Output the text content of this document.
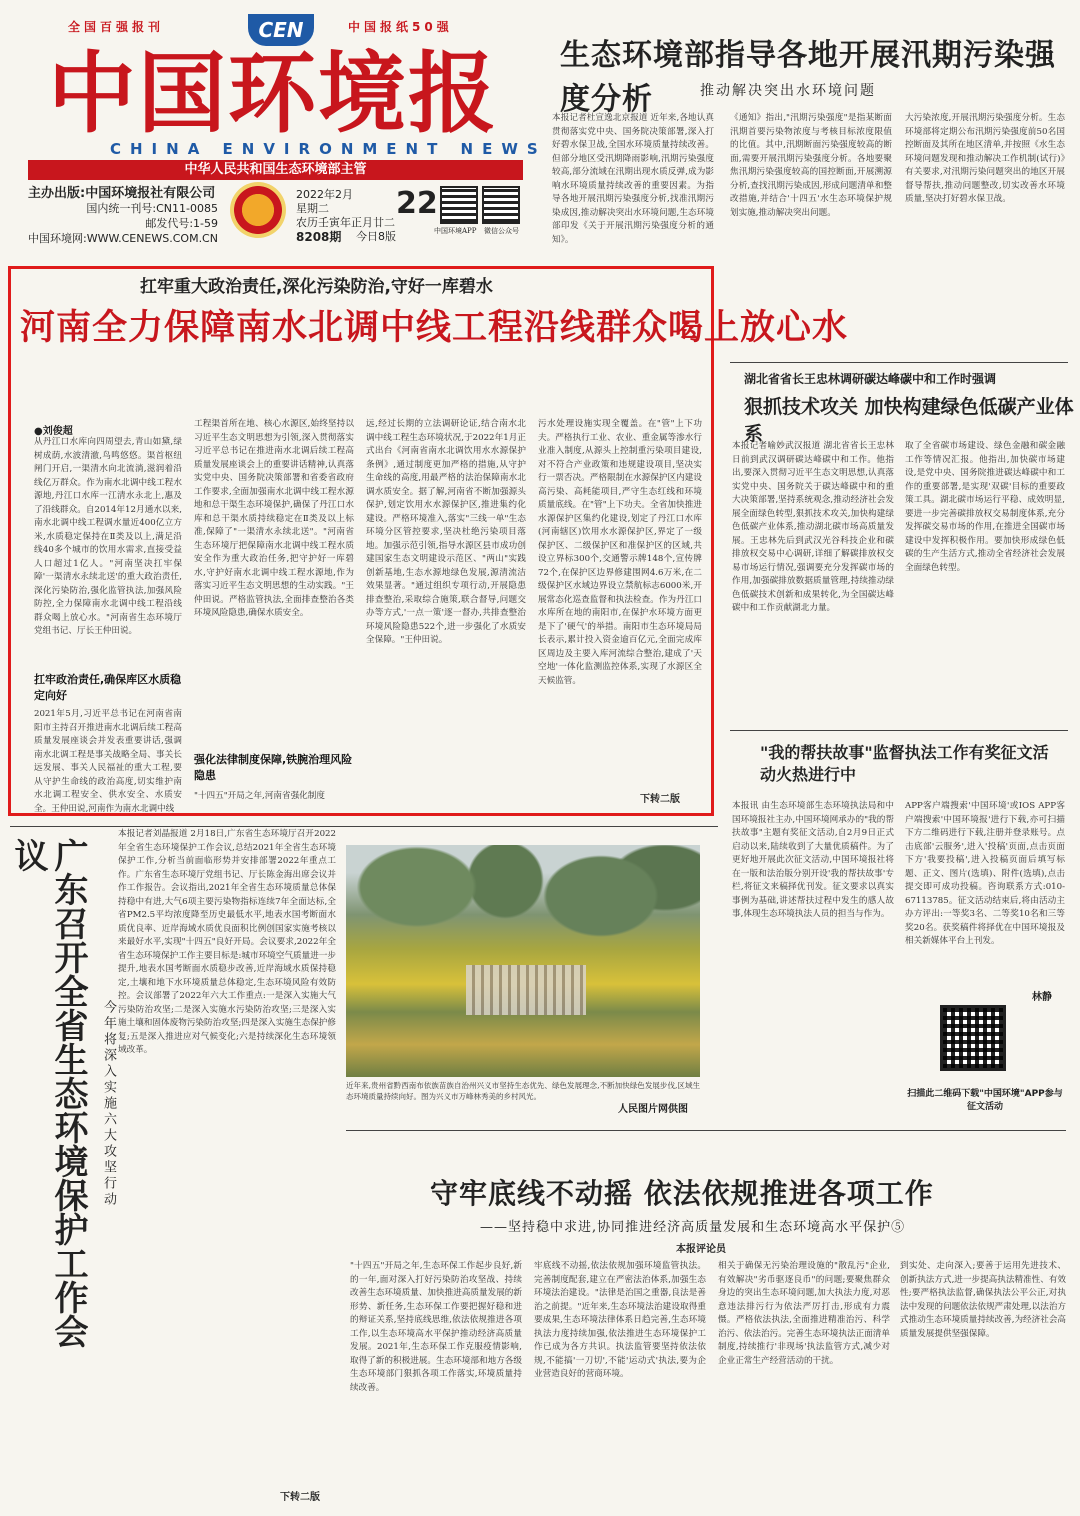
全国百强报刊	CEN	中国报纸50强
中国环境报
CHINA ENVIRONMENT NEWS
中华人民共和国生态环境部主管
主办出版:中国环境报社有限公司
国内统一刊号:CN11-0085
邮发代号:1-59
中国环境网:WWW.CENEWS.COM.CN
2022年2月 22
星期二
农历壬寅年正月廿二
8208期 今日8版	中国环境APP 微信公众号
生态环境部指导各地开展汛期污染强度分析	推动解决突出水环境问题
本报记者杜宣逸北京报道 近年来,各地认真贯彻落实党中央、国务院决策部署,深入打好碧水保卫战,全国水环境质量持续改善。但部分地区受汛期降雨影响,汛期污染强度较高,部分流域在汛期出现水质反弹,成为影响水环境质量持续改善的重要因素。为指导各地开展汛期污染强度分析,找准汛期污染成因,推动解决突出水环境问题,生态环境部印发《关于开展汛期污染强度分析的通知》。
《通知》指出,"汛期污染强度"是指某断面汛期首要污染物浓度与考核目标浓度限值的比值。其中,汛期断面污染强度较高的断面,需要开展汛期污染强度分析。各地要聚焦汛期污染强度较高的国控断面,开展溯源分析,查找汛期污染成因,形成问题清单和整改措施,并结合'十四五'水生态环境保护规划实施,推动解决突出问题。
大污染浓度,开展汛期污染强度分析。生态环境部将定期公布汛期污染强度前50名国控断面及其所在地区清单,并按照《水生态环境问题发现和推动解决工作机制(试行)》有关要求,对汛期污染问题突出的地区开展督导帮扶,推动问题整改,切实改善水环境质量,坚决打好碧水保卫战。
扛牢重大政治责任,深化污染防治,守好一库碧水
河南全力保障南水北调中线工程沿线群众喝上放心水
●刘俊超
从丹江口水库向四周望去,青山如黛,绿树成荫,水波清澈,鸟鸣悠悠。渠首枢纽闸门开启,一渠清水向北流淌,滋润着沿线亿万群众。作为南水北调中线工程水源地,丹江口水库一江清水永北上,惠及了沿线群众。自2014年12月通水以来,南水北调中线工程调水量近400亿立方米,水质稳定保持在Ⅱ类及以上,满足沿线40多个城市的饮用水需求,直接受益人口超过1亿人。"河南坚决扛牢保障'一渠清水永续北送'的重大政治责任,深化污染防治,强化监管执法,加强风险防控,全力保障南水北调中线工程沿线群众喝上放心水。"河南省生态环境厅党组书记、厅长王仲田说。
扛牢政治责任,确保库区水质稳定向好
2021年5月,习近平总书记在河南省南阳市主持召开推进南水北调后续工程高质量发展座谈会并发表重要讲话,强调南水北调工程是事关战略全局、事关长远发展、事关人民福祉的重大工程,要从守护生命线的政治高度,切实维护南水北调工程安全、供水安全、水质安全。王仲田说,河南作为南水北调中线
工程渠首所在地、核心水源区,始终坚持以习近平生态文明思想为引领,深入贯彻落实习近平总书记在推进南水北调后续工程高质量发展座谈会上的重要讲话精神,认真落实党中央、国务院决策部署和省委省政府工作要求,全面加强南水北调中线工程水源地和总干渠生态环境保护,确保了丹江口水库和总干渠水质持续稳定在Ⅱ类及以上标准,保障了"一渠清水永续北送"。"河南省生态环境厅把保障南水北调中线工程水质安全作为重大政治任务,把守护好一库碧水,守护好南水北调中线工程水源地,作为落实习近平生态文明思想的生动实践。"王仲田说。严格监管执法,全面排查整治各类环境风险隐患,确保水质安全。
强化法律制度保障,铁腕治理风险隐患
"十四五"开局之年,河南省强化制度
远,经过长期的立法调研论证,结合南水北调中线工程生态环境状况,于2022年1月正式出台《河南省南水北调饮用水水源保护条例》,通过制度更加严格的措施,从守护生命线的高度,用最严格的法治保障南水北调水质安全。据了解,河南省不断加强源头保护,划定饮用水水源保护区,推进集约化建设。严格环境准入,落实"三线一单"生态环境分区管控要求,坚决杜绝污染项目落地。加强示范引领,指导水源区县市成功创建国家生态文明建设示范区、"两山"实践创新基地,生态水源地绿色发展,源清流洁效果显著。"通过组织专项行动,开展隐患排查整治,采取综合施策,联合督导,问题交办等方式,'一点一策'逐一督办,共排查整治环境风险隐患522个,进一步强化了水质安全保障。"王仲田说。
污水处理设施实现全覆盖。在"管"上下功夫。严格执行工业、农业、重金属等渗水行业准入制度,从源头上控制重污染项目建设,对不符合产业政策和违规建设项目,坚决实行一票否决。严格限制在水源保护区内建设高污染、高耗能项目,严守生态红线和环境质量底线。在"管"上下功夫。全省加快推进水源保护区集约化建设,划定了丹江口水库(河南辖区)饮用水水源保护区,界定了一级保护区、二级保护区和准保护区的区域,共设立界标300个,交通警示牌148个,宣传牌72个,在保护区边界修建围网4.6万米,在二级保护区水域边界设立禁航标志6000米,开展常态化巡查监督和执法检查。作为丹江口水库所在地的南阳市,在保护水环境方面更是下了'硬气'的举措。南阳市生态环境局局长表示,累计投入资金逾百亿元,全面完成库区周边及主要入库河流综合整治,建成了'天空地'一体化监测监控体系,实现了水源区全天候监管。
下转二版
湖北省省长王忠林调研碳达峰碳中和工作时强调
狠抓技术攻关 加快构建绿色低碳产业体系
本报记者喻妙武汉报道 湖北省省长王忠林日前到武汉调研碳达峰碳中和工作。他指出,要深入贯彻习近平生态文明思想,认真落实党中央、国务院关于碳达峰碳中和的重大决策部署,坚持系统观念,推动经济社会发展全面绿色转型,狠抓技术攻关,加快构建绿色低碳产业体系,推动湖北碳市场高质量发展。王忠林先后到武汉光谷科技企业和碳排放权交易中心调研,详细了解碳排放权交易市场运行情况,强调要充分发挥碳市场的作用,加强碳排放数据质量管理,持续推动绿色低碳技术创新和成果转化,为全国碳达峰碳中和工作贡献湖北力量。
取了全省碳市场建设、绿色金融和碳金融工作等情况汇报。他指出,加快碳市场建设,是党中央、国务院推进碳达峰碳中和工作的重要部署,是实现'双碳'目标的重要政策工具。湖北碳市场运行平稳、成效明显,要进一步完善碳排放权交易制度体系,充分发挥碳交易市场的作用,在推进全国碳市场建设中发挥积极作用。要加快形成绿色低碳的生产生活方式,推动全省经济社会发展全面绿色转型。
"我的帮扶故事"监督执法工作有奖征文活动火热进行中
本报讯 由生态环境部生态环境执法局和中国环境报社主办,中国环境网承办的"我的帮扶故事"主题有奖征文活动,自2月9日正式启动以来,陆续收到了大量优质稿件。为了更好地开展此次征文活动,中国环境报社将在一版和法治版分别开设'我的帮扶故事'专栏,将征文来稿择优刊发。征文要求以真实事例为基础,讲述帮扶过程中发生的感人故事,体现生态环境执法人员的担当与作为。
APP客户端搜索'中国环境'或IOS APP客户端搜索'中国环境报'进行下载,亦可扫描下方二维码进行下载,注册并登录账号。点击底部'云服务',进入'投稿'页面,点击页面下方'我要投稿',进入投稿页面后填写标题、正文、图片(选填)、附件(选填),点击提交即可成功投稿。咨询联系方式:010-67113785。征文活动结束后,将由活动主办方评出:一等奖3名、二等奖10名和三等奖20名。获奖稿件将择优在中国环境报及相关新媒体平台上刊发。
林静
扫描此二维码下载"中国环境"APP参与征文活动
广东召开全省生态环境保护工作会议
今年将深入实施六大攻坚行动
本报记者刘晶报道 2月18日,广东省生态环境厅召开2022年全省生态环境保护工作会议,总结2021年全省生态环境保护工作,分析当前面临形势并安排部署2022年重点工作。广东省生态环境厅党组书记、厅长陈金海出席会议并作工作报告。会议指出,2021年全省生态环境质量总体保持稳中有进,大气6项主要污染物指标连续7年全面达标,全省PM2.5平均浓度降至历史最低水平,地表水国考断面水质优良率、近岸海域水质优良面积比例创国家实施考核以来最好水平,实现"十四五"良好开局。会议要求,2022年全省生态环境保护工作主要目标是:城市环境空气质量进一步提升,地表水国考断面水质稳步改善,近岸海域水质保持稳定,土壤和地下水环境质量总体稳定,生态环境风险有效防控。会议部署了2022年六大工作重点:一是深入实施大气污染防治攻坚;二是深入实施水污染防治攻坚;三是深入实施土壤和固体废物污染防治攻坚;四是深入实施生态保护修复;五是深入推进应对气候变化;六是持续深化生态环境领域改革。
下转二版
近年来,贵州省黔西南布依族苗族自治州兴义市坚持生态优先、绿色发展理念,不断加快绿色发展步伐,区域生态环境质量持续向好。图为兴义市万峰林秀美的乡村风光。
人民图片网供图
守牢底线不动摇 依法依规推进各项工作
——坚持稳中求进,协同推进经济高质量发展和生态环境高水平保护⑤
本报评论员
"十四五"开局之年,生态环保工作起步良好,新的一年,面对深入打好污染防治攻坚战、持续改善生态环境质量、加快推进高质量发展的新形势、新任务,生态环保工作要把握好稳和进的辩证关系,坚持底线思维,依法依规推进各项工作,以生态环境高水平保护推动经济高质量发展。2021年,生态环保工作克服疫情影响,取得了新的积极进展。生态环境部和地方各级生态环境部门狠抓各项工作落实,环境质量持续改善。
牢底线不动摇,依法依规加强环境监管执法。完善制度配套,建立在严密法治体系,加强生态环境法治建设。"法律是治国之重器,良法是善治之前提。"近年来,生态环境法治建设取得重要成果,生态环境法律体系日趋完善,生态环境执法力度持续加强,依法推进生态环境保护工作已成为各方共识。执法监管要坚持依法依规,不能搞'一刀切',不能'运动式'执法,要为企业营造良好的营商环境。
相关于确保无污染治理设施的"散乱污"企业,有效解决"劣币驱逐良币"的问题;要聚焦群众身边的突出生态环境问题,加大执法力度,对恶意违法排污行为依法严厉打击,形成有力震慑。严格依法执法,全面推进精准治污、科学治污、依法治污。完善生态环境执法正面清单制度,持续推行'非现场'执法监管方式,减少对企业正常生产经营活动的干扰。
到实处、走向深入;要善于运用先进技术、创新执法方式,进一步提高执法精准性、有效性;要严格执法监督,确保执法公平公正,对执法中发现的问题依法依规严肃处理,以法治方式推动生态环境质量持续改善,为经济社会高质量发展提供坚强保障。
